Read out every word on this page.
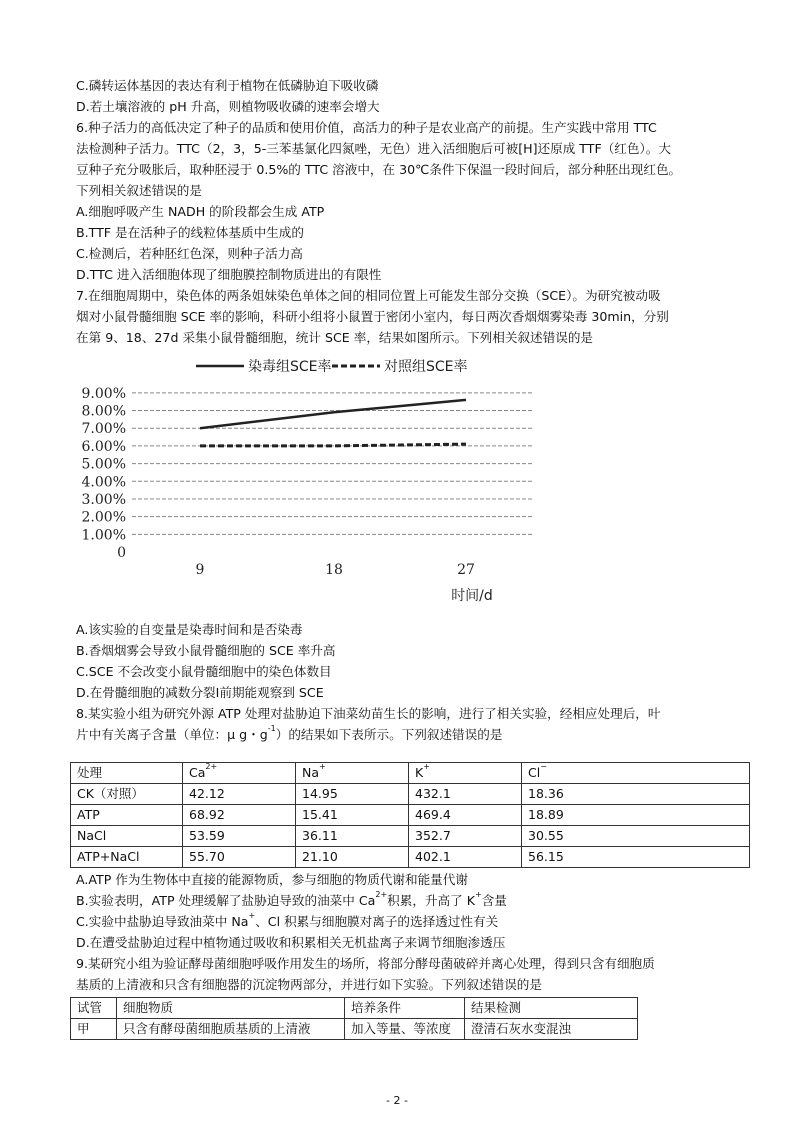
C.磷转运体基因的表达有利于植物在低磷胁迫下吸收磷
D.若土壤溶液的 pH 升高，则植物吸收磷的速率会增大
6.种子活力的高低决定了种子的品质和使用价值，高活力的种子是农业高产的前提。生产实践中常用 TTC
法检测种子活力。TTC（2，3，5-三苯基氯化四氮唑，无色）进入活细胞后可被[H]还原成 TTF（红色）。大
豆种子充分吸胀后，取种胚浸于 0.5%的 TTC 溶液中，在 30℃条件下保温一段时间后，部分种胚出现红色。
下列相关叙述错误的是
A.细胞呼吸产生 NADH 的阶段都会生成 ATP
B.TTF 是在活种子的线粒体基质中生成的
C.检测后，若种胚红色深，则种子活力高
D.TTC 进入活细胞体现了细胞膜控制物质进出的有限性
7.在细胞周期中，染色体的两条姐妹染色单体之间的相同位置上可能发生部分交换（SCE）。为研究被动吸
烟对小鼠骨髓细胞 SCE 率的影响，科研小组将小鼠置于密闭小室内，每日两次香烟烟雾染毒 30min，分别
在第 9、18、27d 采集小鼠骨髓细胞，统计 SCE 率，结果如图所示。下列相关叙述错误的是
0
1.00%
2.00%
3.00%
4.00%
5.00%
6.00%
7.00%
8.00%
9.00%
9	18	27
时间/d
染毒组SCE率	对照组SCE率
A.该实验的自变量是染毒时间和是否染毒
B.香烟烟雾会导致小鼠骨髓细胞的 SCE 率升高
C.SCE 不会改变小鼠骨髓细胞中的染色体数目
D.在骨髓细胞的减数分裂Ⅰ前期能观察到 SCE
8.某实验小组为研究外源 ATP 处理对盐胁迫下油菜幼苗生长的影响，进行了相关实验，经相应处理后，叶
片中有关离子含量（单位：μ g・$g^{-1}$）的结果如下表所示。下列叙述错误的是
处理	$Ca^{2+}$	Na+	K+	Cl−
CK（对照）	42.12	14.95	432.1	18.36
ATP	68.92	15.41	469.4	18.89
NaCl	53.59	36.11	352.7	30.55
ATP+NaCl	55.70	21.10	402.1	56.15
A.ATP 作为生物体中直接的能源物质，参与细胞的物质代谢和能量代谢
B.实验表明，ATP 处理缓解了盐胁迫导致的油菜中 $Ca^{2+}$积累，升高了 K+含量
C.实验中盐胁迫导致油菜中 Na+、Cl 积累与细胞膜对离子的选择透过性有关
D.在遭受盐胁迫过程中植物通过吸收和积累相关无机盐离子来调节细胞渗透压
9.某研究小组为验证酵母菌细胞呼吸作用发生的场所，将部分酵母菌破碎并离心处理，得到只含有细胞质
基质的上清液和只含有细胞器的沉淀物两部分，并进行如下实验。下列叙述错误的是
试管	细胞物质	培养条件	结果检测
甲	只含有酵母菌细胞质基质的上清液	加入等量、等浓度	澄清石灰水变混浊
- 2 -
